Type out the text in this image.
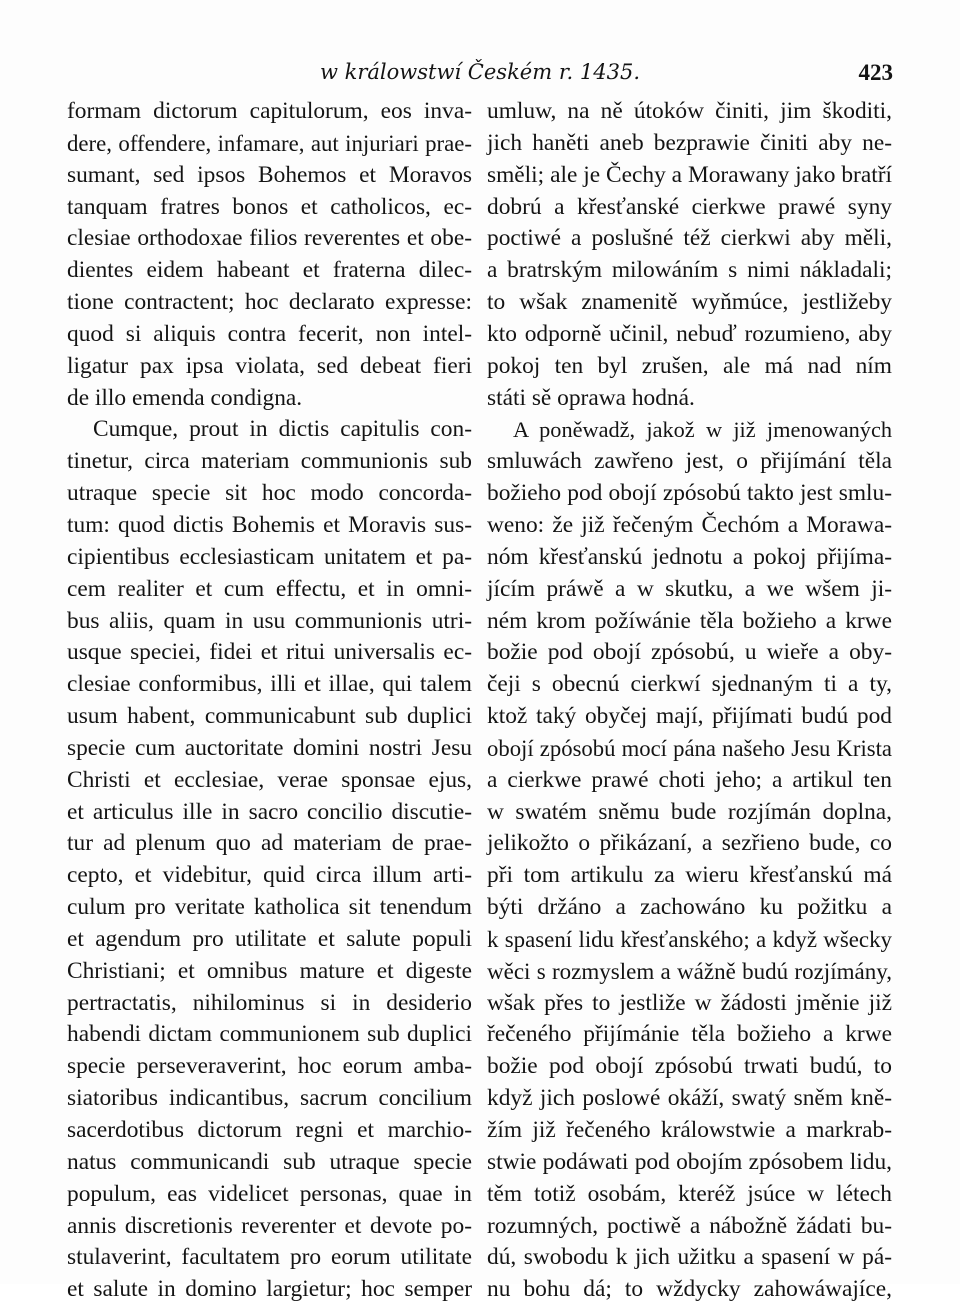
w králowstwí Českém r. 1435.	423
formam dictorum capitulorum, eos inva-
dere, offendere, infamare, aut injuriari prae-
sumant, sed ipsos Bohemos et Moravos
tanquam fratres bonos et catholicos, ec-
clesiae orthodoxae filios reverentes et obe-
dientes eidem habeant et fraterna dilec-
tione contractent; hoc declarato expresse:
quod si aliquis contra fecerit, non intel-
ligatur pax ipsa violata, sed debeat fieri
de illo emenda condigna.
Cumque, prout in dictis capitulis con-
tinetur, circa materiam communionis sub
utraque specie sit hoc modo concorda-
tum: quod dictis Bohemis et Moravis sus-
cipientibus ecclesiasticam unitatem et pa-
cem realiter et cum effectu, et in omni-
bus aliis, quam in usu communionis utri-
usque speciei, fidei et ritui universalis ec-
clesiae conformibus, illi et illae, qui talem
usum habent, communicabunt sub duplici
specie cum auctoritate domini nostri Jesu
Christi et ecclesiae, verae sponsae ejus,
et articulus ille in sacro concilio discutie-
tur ad plenum quo ad materiam de prae-
cepto, et videbitur, quid circa illum arti-
culum pro veritate katholica sit tenendum
et agendum pro utilitate et salute populi
Christiani; et omnibus mature et digeste
pertractatis, nihilominus si in desiderio
habendi dictam communionem sub duplici
specie perseveraverint, hoc eorum amba-
siatoribus indicantibus, sacrum concilium
sacerdotibus dictorum regni et marchio-
natus communicandi sub utraque specie
populum, eas videlicet personas, quae in
annis discretionis reverenter et devote po-
stulaverint, facultatem pro eorum utilitate
et salute in domino largietur; hoc semper
umluw, na ně útoków činiti, jim škoditi,
jich haněti aneb bezprawie činiti aby ne-
směli; ale je Čechy a Morawany jako bratří
dobrú a křesťanské cierkwe prawé syny
poctiwé a poslušné též cierkwi aby měli,
a bratrským milowáním s nimi nákladali;
to wšak znamenitě wyňmúce, jestližeby
kto odporně učinil, nebuď rozumieno, aby
pokoj ten byl zrušen, ale má nad ním
státi sě oprawa hodná.
A poněwadž, jakož w již jmenowaných
smluwách zawřeno jest, o přijímání těla
božieho pod obojí zpósobú takto jest smlu-
weno: že již řečeným Čechóm a Morawa-
nóm křesťanskú jednotu a pokoj přijíma-
jícím práwě a w skutku, a we wšem ji-
ném krom požíwánie těla božieho a krwe
božie pod obojí zpósobú, u wieře a oby-
čeji s obecnú cierkwí sjednaným ti a ty,
ktož taký obyčej mají, přijímati budú pod
obojí zpósobú mocí pána našeho Jesu Krista
a cierkwe prawé choti jeho; a artikul ten
w swatém sněmu bude rozjímán doplna,
jelikožto o přikázaní, a sezřieno bude, co
při tom artikulu za wieru křesťanskú má
býti držáno a zachowáno ku požitku a
k spasení lidu křesťanského; a když wšecky
wěci s rozmyslem a wážně budú rozjímány,
wšak přes to jestliže w žádosti jměnie již
řečeného přijímánie těla božieho a krwe
božie pod obojí zpósobú trwati budú, to
když jich poslowé okáží, swatý sněm kně-
žím již řečeného králowstwie a markrab-
stwie podáwati pod obojím zpósobem lidu,
těm totiž osobám, kteréž jsúce w létech
rozumných, poctiwě a nábožně žádati bu-
dú, swobodu k jich užitku a spasení w pá-
nu bohu dá; to wždycky zahowáwajíce,
